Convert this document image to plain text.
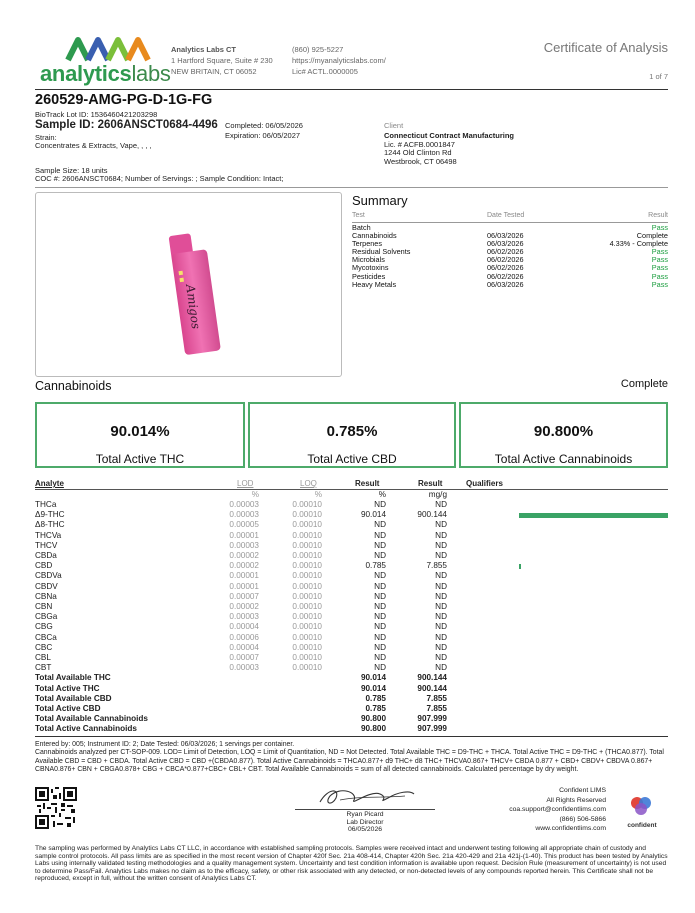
analyticslabs
Analytics Labs CT
1 Hartford Square, Suite # 230
NEW BRITAIN, CT 06052
(860) 925-5227
https://myanalyticslabs.com/
Lic# ACTL.0000005
Certificate of Analysis
1 of 7
260529-AMG-PG-D-1G-FG
BioTrack Lot ID: 1536460421203298
Sample ID: 2606ANSCT0684-4496
Strain:
Concentrates & Extracts, Vape, , , ,
Completed: 06/05/2026
Expiration: 06/05/2027
Sample Size: 18 units
COC #: 2606ANSCT0684; Number of Servings: ; Sample Condition: Intact;
Client
Connecticut Contract Manufacturing
Lic. # ACFB.0001847
1244 Old Clinton Rd
Westbrook, CT 06498
Amigos
Summary
Test	Date Tested	Result
Batch	Pass
Cannabinoids	06/03/2026	Complete
Terpenes	06/03/2026	4.33% - Complete
Residual Solvents	06/02/2026	Pass
Microbials	06/02/2026	Pass
Mycotoxins	06/02/2026	Pass
Pesticides	06/02/2026	Pass
Heavy Metals	06/03/2026	Pass
Cannabinoids	Complete
90.014%
Total Active THC
0.785%
Total Active CBD
90.800%
Total Active Cannabinoids
Analyte	LOD	LOQ	Result	Result	Qualifiers
%	%	%	mg/g
THCa	0.00003	0.00010	ND	ND
Δ9-THC	0.00003	0.00010	90.014	900.144
Δ8-THC	0.00005	0.00010	ND	ND
THCVa	0.00001	0.00010	ND	ND
THCV	0.00003	0.00010	ND	ND
CBDa	0.00002	0.00010	ND	ND
CBD	0.00002	0.00010	0.785	7.855
CBDVa	0.00001	0.00010	ND	ND
CBDV	0.00001	0.00010	ND	ND
CBNa	0.00007	0.00010	ND	ND
CBN	0.00002	0.00010	ND	ND
CBGa	0.00003	0.00010	ND	ND
CBG	0.00004	0.00010	ND	ND
CBCa	0.00006	0.00010	ND	ND
CBC	0.00004	0.00010	ND	ND
CBL	0.00007	0.00010	ND	ND
CBT	0.00003	0.00010	ND	ND
Total Available THC	90.014	900.144
Total Active THC	90.014	900.144
Total Available CBD	0.785	7.855
Total Active CBD	0.785	7.855
Total Available Cannabinoids	90.800	907.999
Total Active Cannabinoids	90.800	907.999
Entered by: 005; Instrument ID: 2; Date Tested: 06/03/2026; 1 servings per container.
Cannabinoids analyzed per CT-SOP-009. LOD= Limit of Detection, LOQ = Limit of Quantitation, ND = Not Detected. Total Available THC = D9-THC + THCA. Total Active THC = D9-THC + (THCA0.877). Total Available CBD = CBD + CBDA. Total Active CBD = CBD +(CBDA0.877). Total Active Cannabinoids = THCA0.877+ d9 THC+ d8 THC+ THCVA0.867+ THCV+ CBDA 0.877 + CBD+ CBDV+ CBDVA 0.867+ CBNA0.876+ CBN + CBGA0.878+ CBG + CBCA*0.877+CBC+ CBL+ CBT. Total Available Cannabinoids = sum of all detected cannabinoids. Calculated percentage by dry weight.
Ryan Picard
Lab Director
06/05/2026
Confident LIMS
All Rights Reserved
coa.support@confidentlims.com
(866) 506-5866
www.confidentlims.com	confident
The sampling was performed by Analytics Labs CT LLC, in accordance with established sampling protocols. Samples were received intact and underwent testing following all appropriate chain of custody and sample control protocols. All pass limits are as specified in the most recent version of Chapter 420f Sec. 21a 408-414, Chapter 420h Sec. 21a 420-429 and 21a 421j-(1-40). This product has been tested by Analytics Labs using internally validated testing methodologies and a quality management system. Uncertainty and test condition information is available upon request. Decision Rule (measurement of uncertainty) is not used to determine Pass/Fail. Analytics Labs makes no claim as to the efficacy, safety, or other risk associated with any detected, or non-detected levels of any compounds reported herein. This Certificate shall not be reproduced, except in full, without the written consent of Analytics Labs CT.
